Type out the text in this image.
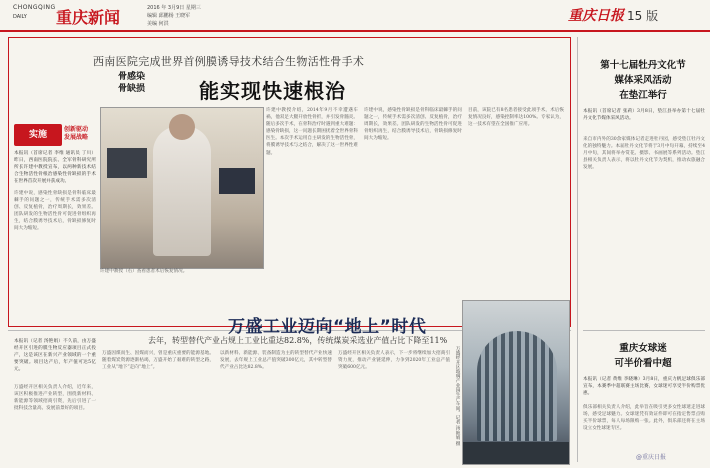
CHONGQING
DAILY 重庆新闻	2016 年 3月9日 星期三
编辑 邱鹏杨 王晓军
美编 何洪	重庆日报 15 版
西南医院完成世界首例膜诱导技术结合生物活性骨手术
骨感染
骨缺损	能实现快速根治
实施
创新驱动
发展战略
本报讯（首席记者 李维 通讯员 丁川）昨日，西南医院院长、全军骨科研究所所长许建中教授宣布，以两种新技术结合生物活性骨根治感染性骨缺损的手术在世界首次开展并获成功。
许建中说，感染性骨缺损是骨科临床最棘手的问题之一，传统手术需多次清创、反复植骨，治疗周期长，效果差。团队研发的生物活性骨可促进骨组织再生，结合膜诱导技术后，骨缺损修复时间大为缩短。
许建中教授（右）查看患者术后恢复情况。
许建中教授介绍，2014年9月不幸遭遇车祸，他双足大腿开放性骨折，并引发骨髓炎。随后多次手术，在骨科治疗时遇到重大难题：感染骨缺损，这一问题长期困扰着全世界骨科医生。本次手术运用自主研发的生物活性骨，将膜诱导技术与之结合，解决了这一世界性难题。
许建中说，感染性骨缺损是骨科临床最棘手的问题之一，传统手术需多次清创、反复植骨，治疗周期长，效果差。团队研发的生物活性骨可促进骨组织再生，结合膜诱导技术后，骨缺损修复时间大为缩短。
目前，该院已有8名患者接受此项手术，术后恢复情况良好，感染控制率达100%。专家认为，这一技术有望在全国推广应用。
万盛工业迈向“地上”时代
去年，转型替代产业占规上工业比重达82.8%，传统煤炭采选业产值占比下降至11%
本报讯（记者 汤艳娟）不久前，由万盛经开区引进的膜生物反应器项目正式投产，这是该区在新兴产业领域的一个重要突破。项目达产后，年产值可达5亿元。
万盛经开区相关负责人介绍，近年来，该区积极推进产业转型，围绕新材料、新能源等领域招商引资，先后引进了一批科技含量高、发展前景好的项目。
万盛因煤而生、因煤而兴，曾是重庆重要的能源基地。随着煤炭资源逐渐枯竭，万盛开始了艰难的转型之路，工业从“地下”走向“地上”。
以新材料、新能源、装备制造为主的转型替代产业快速发展，去年规上工业总产值突破300亿元，其中转型替代产业占比达82.8%。
万盛经开区相关负责人表示，下一步将继续加大招商引资力度，推动产业链延伸，力争到2020年工业总产值突破600亿元。	万盛经开区玻璃产业园生产车间。记者 汤艳娟 摄
第十七届牡丹文化节
媒体采风活动
在垫江举行
本报讯（首席记者 张莉）3月8日，垫江县举办第十七届牡丹文化节媒体采风活动。
来自市内外的30余家媒体记者走进牡丹园，感受垫江牡丹文化的独特魅力。本届牡丹文化节将于3月中旬开幕，持续至4月中旬，其间将举办赏花、摄影、书画展等系列活动。垫江县相关负责人表示，将以牡丹文化节为契机，推动农旅融合发展。
重庆女球迷
可半价看中超
本报讯（记者 黄维 李晓琳）3月8日，重庆力帆足球俱乐部宣布，本赛季中超联赛主场比赛，女球迷可享受半价购票优惠。
俱乐部相关负责人介绍，此举旨在吸引更多女性球迷走进球场，感受足球魅力。女球迷凭有效证件即可在指定售票点购买半价球票，每人每场限购一张。此外，俱乐部还将在主场设立女性球迷专区。
@重庆日报
